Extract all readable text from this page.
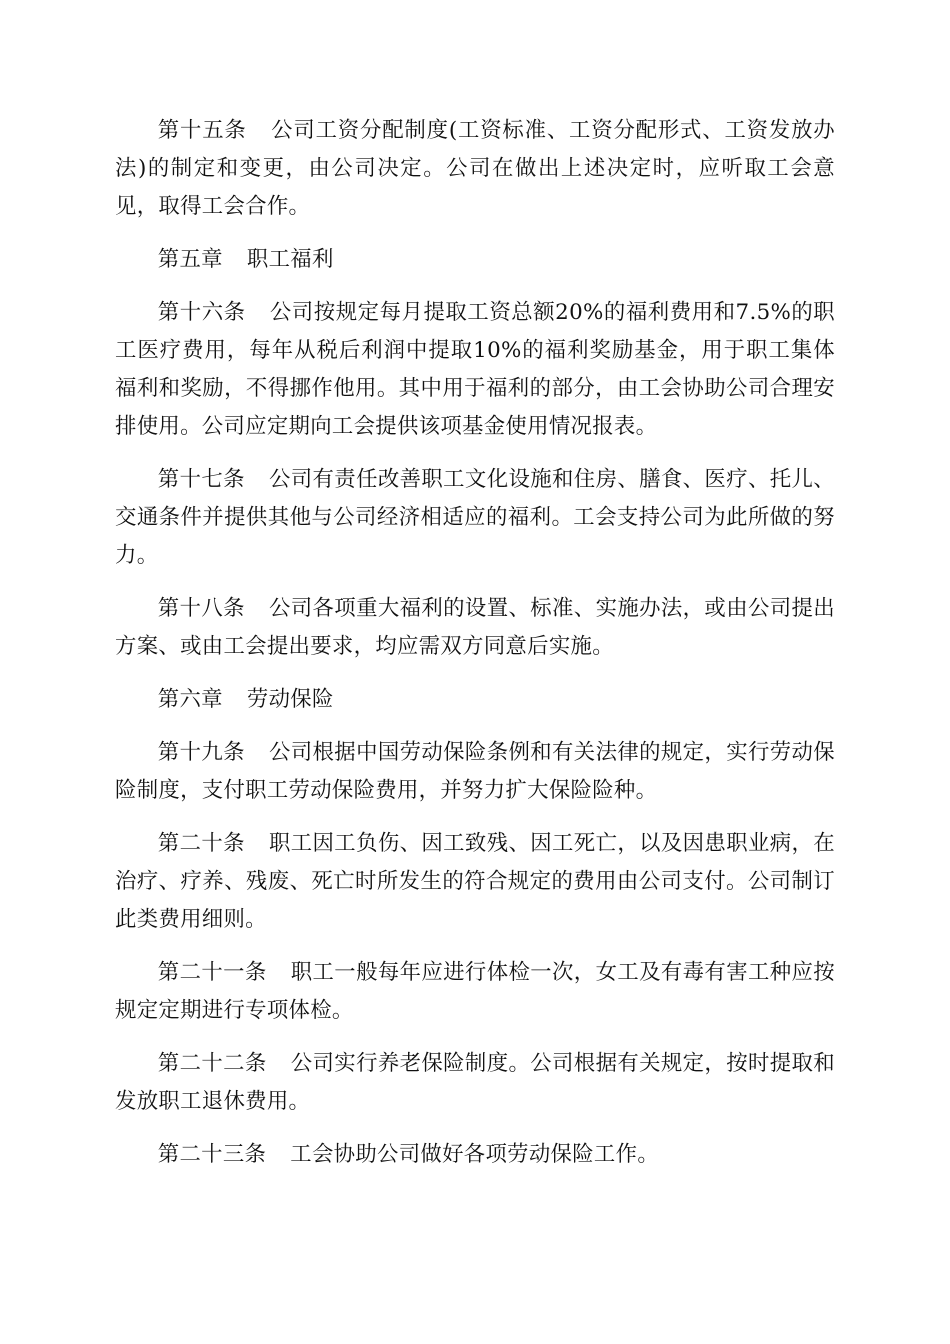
第十五条 公司工资分配制度(工资标准、工资分配形式、工资发放办法)的制定和变更，由公司决定。公司在做出上述决定时，应听取工会意见，取得工会合作。

第五章 职工福利

第十六条 公司按规定每月提取工资总额20%的福利费用和7.5%的职工医疗费用，每年从税后利润中提取10%的福利奖励基金，用于职工集体福利和奖励，不得挪作他用。其中用于福利的部分，由工会协助公司合理安排使用。公司应定期向工会提供该项基金使用情况报表。

第十七条 公司有责任改善职工文化设施和住房、膳食、医疗、托儿、交通条件并提供其他与公司经济相适应的福利。工会支持公司为此所做的努力。

第十八条 公司各项重大福利的设置、标准、实施办法，或由公司提出方案、或由工会提出要求，均应需双方同意后实施。

第六章 劳动保险

第十九条 公司根据中国劳动保险条例和有关法律的规定，实行劳动保险制度，支付职工劳动保险费用，并努力扩大保险险种。

第二十条 职工因工负伤、因工致残、因工死亡，以及因患职业病，在治疗、疗养、残废、死亡时所发生的符合规定的费用由公司支付。公司制订此类费用细则。

第二十一条 职工一般每年应进行体检一次，女工及有毒有害工种应按规定定期进行专项体检。

第二十二条 公司实行养老保险制度。公司根据有关规定，按时提取和发放职工退休费用。

第二十三条 工会协助公司做好各项劳动保险工作。
